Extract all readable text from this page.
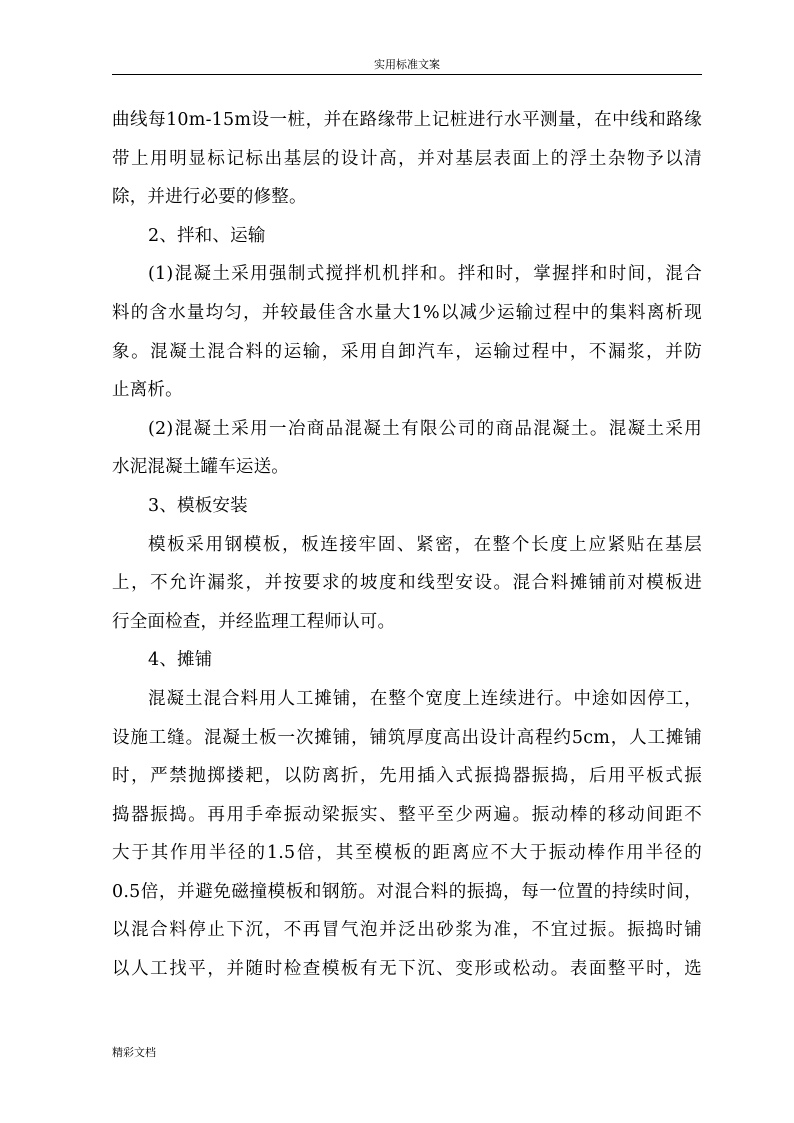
实用标准文案
曲线每10m-15m设一桩，并在路缘带上记桩进行水平测量，在中线和路缘
带上用明显标记标出基层的设计高，并对基层表面上的浮土杂物予以清
除，并进行必要的修整。
2、拌和、运输
(1)混凝土采用强制式搅拌机机拌和。拌和时，掌握拌和时间，混合
料的含水量均匀，并较最佳含水量大1%以减少运输过程中的集料离析现
象。混凝土混合料的运输，采用自卸汽车，运输过程中，不漏浆，并防
止离析。
(2)混凝土采用一冶商品混凝土有限公司的商品混凝土。混凝土采用
水泥混凝土罐车运送。
3、模板安装
模板采用钢模板，板连接牢固、紧密，在整个长度上应紧贴在基层
上，不允许漏浆，并按要求的坡度和线型安设。混合料摊铺前对模板进
行全面检查，并经监理工程师认可。
4、摊铺
混凝土混合料用人工摊铺，在整个宽度上连续进行。中途如因停工，
设施工缝。混凝土板一次摊铺，铺筑厚度高出设计高程约5cm，人工摊铺
时，严禁抛掷搂耙，以防离折，先用插入式振捣器振捣，后用平板式振
捣器振捣。再用手牵振动梁振实、整平至少两遍。振动棒的移动间距不
大于其作用半径的1.5倍，其至模板的距离应不大于振动棒作用半径的
0.5倍，并避免磁撞模板和钢筋。对混合料的振捣，每一位置的持续时间，
以混合料停止下沉，不再冒气泡并泛出砂浆为准，不宜过振。振捣时铺
以人工找平，并随时检查模板有无下沉、变形或松动。表面整平时，选
精彩文档
